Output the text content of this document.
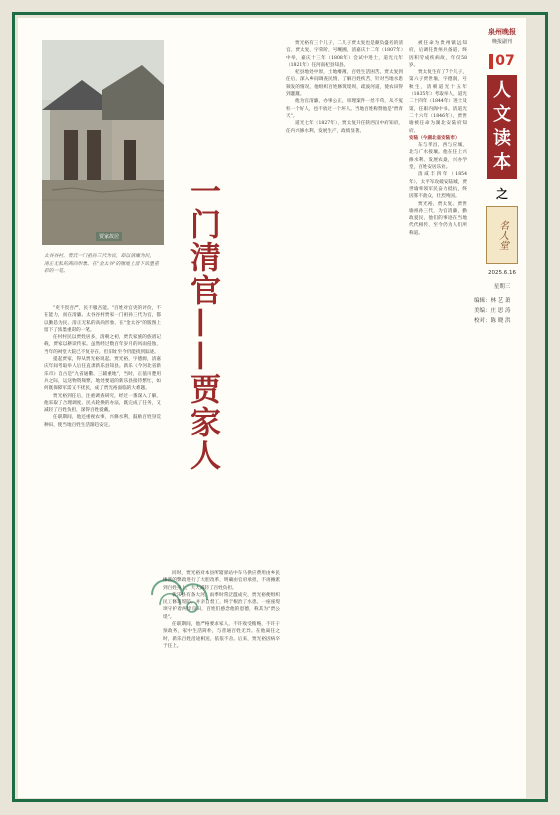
贾家故居
太谷谷村，贾氏一门祖孙三代为官，却以清廉为民，清正无私的高尚形象。在"金太谷"的腹地上留下浓墨重彩的一笔。	一门清官——贾家人

"吏不畏吾严，民不服吾能。"百姓对官吏的评价，不在能力，而在清廉。太谷谷村贾家一门祖孙三代为官，都以勤恳为民、清正无私的高尚形象，在"金太谷"的版图上留下了浓墨重彩的一笔。

任村村民以贾姓居多，清朝之初，贾氏家族的族谱记载，贾家以耕读传家。虽然经过数百年岁月的风雨侵蚀，当年的祠堂大院已不复存在，但旧址至今仍能找到踪迹。

提起贾家，得从贾光裕说起。贾光裕，字德源，清嘉庆年间考取举人后任直隶新乐县知县。新乐《今河北省新乐市》自古是"九省通衢、三辅重地"，当时，正值川楚用兵之际，运送物资频繁，地处要道的新乐县接待繁忙，如何既保障军需又不扰民，成了贾光裕面临的大难题。

贾光裕到任后，注重调查研究，经过一番深入了解，他采取了合理调度、民夫轮换的办法，既完成了任务，又减轻了百姓负担，深得百姓爱戴。

任职期间，他还重视农事，兴修水利，鼓励百姓垦荒种田，使当地百姓生活渐趋安定。

同时，贾光裕对本县所辖驿站中车马供应费用由乡民摊派的弊政进行了大胆改革，明确由官府承担，不再摊派到百姓身上，大大减轻了百姓负担。

新乐县有条大河，雨季时常泛滥成灾，贾光裕便组织民工修筑堤防，并亲自督工，终于根治了水患。一座座堤坝守护着两岸良田，百姓们感念他的恩德，称其为"贾公堤"。

任职期间，他严格要求家人，不许收受贿赂，不许干预政务，家中生活简朴，与普通百姓无异。在他离任之时，新乐百姓沿途相送，依依不舍。后来，贾光裕因病卒于任上。

贾光裕有三个儿子，二儿子贾太复也是颇负盛名的清官。贾太复，字荣阶，号畹圃，清嘉庆十二年（1807年）中举，嘉庆十三年（1808年）会试中进士，道光元年（1821年）任河南杞县知县。

杞县地处中原，土地瘠薄，百姓生活困苦。贾太复到任后，深入乡间调查民情，了解百姓疾苦，针对当地水患频发的情况，他组织百姓修筑堤坝，疏浚河道，使农田得到灌溉。

他为官清廉，办事公正，审理案件一丝不苟，从不冤枉一个好人，也不放过一个坏人。当地百姓称赞他是"贾青天"。

道光七年（1827年），贾太复升任陕西汉中府知府，任内兴修水利、发展生产，政绩显著。

被任命为贵州镇远知府，后调任贵州兵备道，终因积劳成疾病故，年仅58岁。

贾太复生有了7个儿子，第六子贾世瑜，字德润，号秋生，清朝道光十五年（1835年）考取举人，道光二十四年（1844年）进士及第，任职内阁中书。清道光二十六年（1846年），贾世瑜被任命为湖北安陆府知府。

安陆（今湖北省安陆市）

东与孝昌、西与应城、北与广水接壤。他在任上兴修水利、发展农桑，兴办学堂，百姓安居乐业。

清咸丰四年（1854年），太平军攻破安陆城，贾世瑜率领军民奋力抵抗，终因寡不敌众，壮烈殉国。

贾光裕、贾太复、贾世瑜祖孙三代，为官清廉，勤政爱民，他们的事迹在当地代代相传，至今仍为人们所称道。

泉州晚报
晚报副刊
07
人文读本
之
名人堂
2025.6.16
星期三
编辑：林 艺 萧
美编：庄 思 涛
校对：陈 晓 洪
